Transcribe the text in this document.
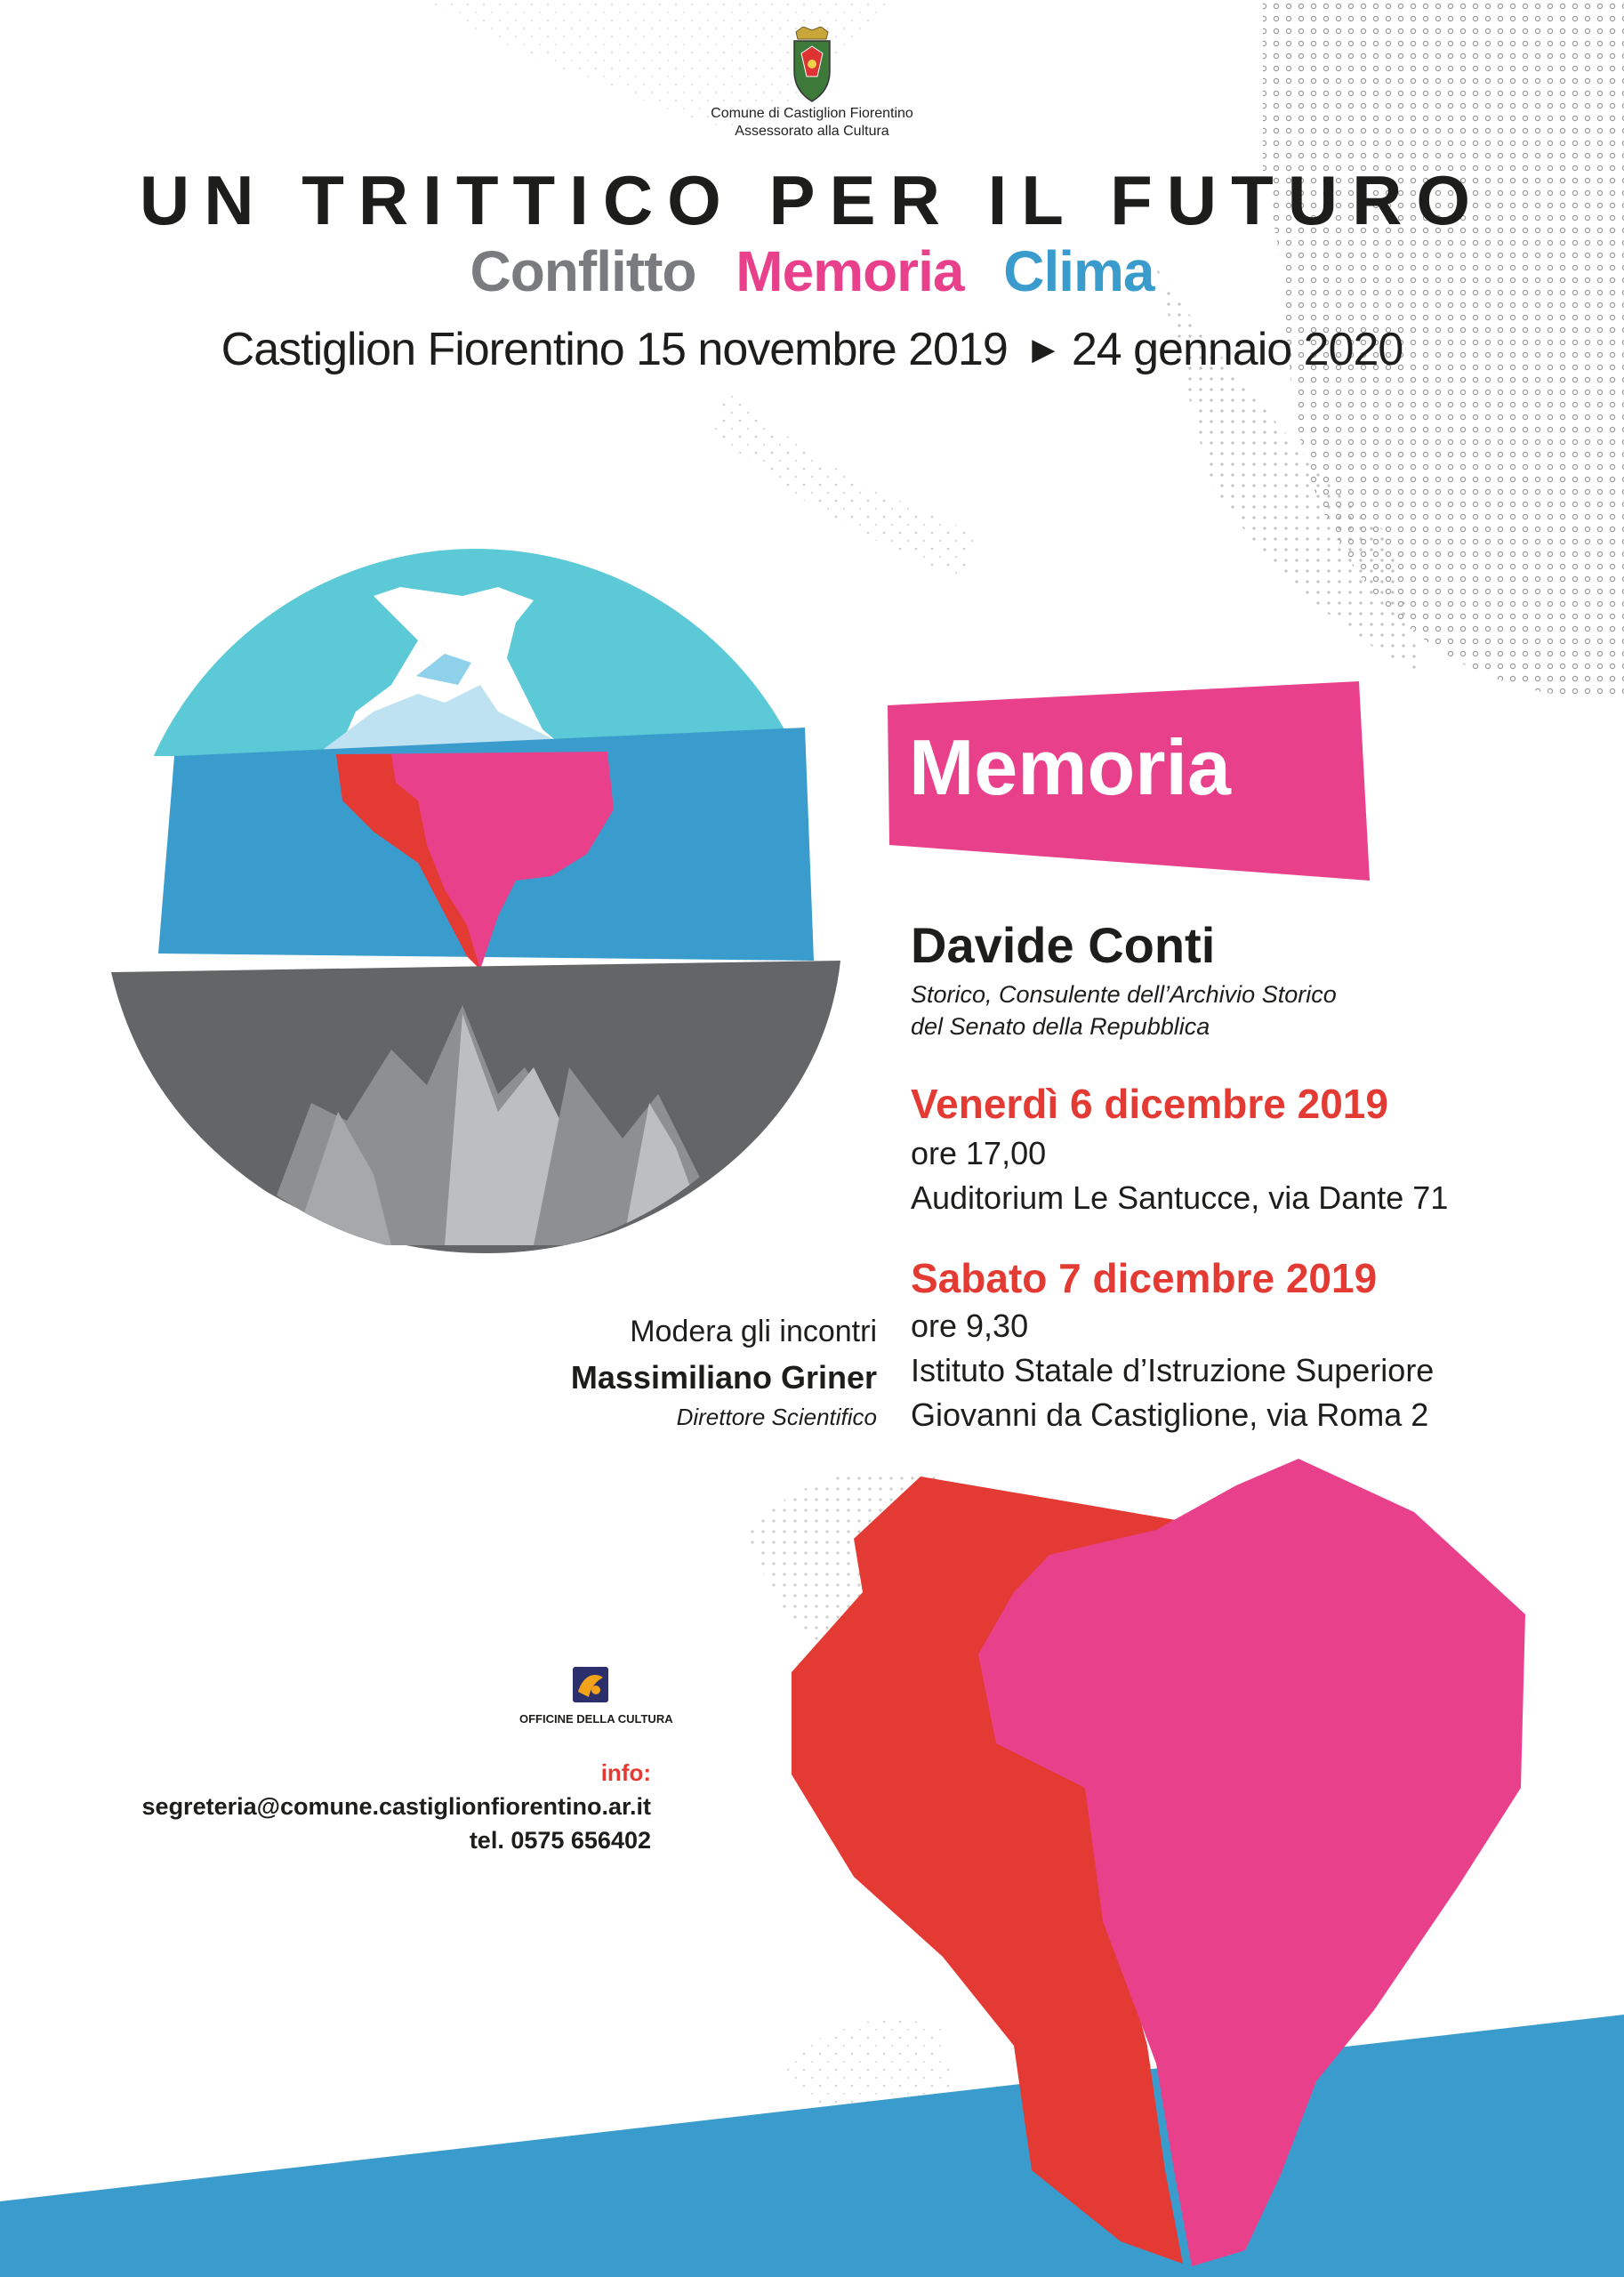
Comune di Castiglion Fiorentino
Assessorato alla Cultura
UN TRITTICO PER IL FUTURO
Conflitto Memoria Clima
Castiglion Fiorentino 15 novembre 2019 ▶ 24 gennaio 2020
Memoria
Davide Conti
Storico, Consulente dell’Archivio Storico
del Senato della Repubblica
Venerdì 6 dicembre 2019
ore 17,00
Auditorium Le Santucce, via Dante 71
Sabato 7 dicembre 2019
ore 9,30
Istituto Statale d’Istruzione Superiore
Giovanni da Castiglione, via Roma 2
Modera gli incontri
Massimiliano Griner
Direttore Scientifico
OFFICINE DELLA CULTURA
info:
segreteria@comune.castiglionfiorentino.ar.it
tel. 0575 656402
